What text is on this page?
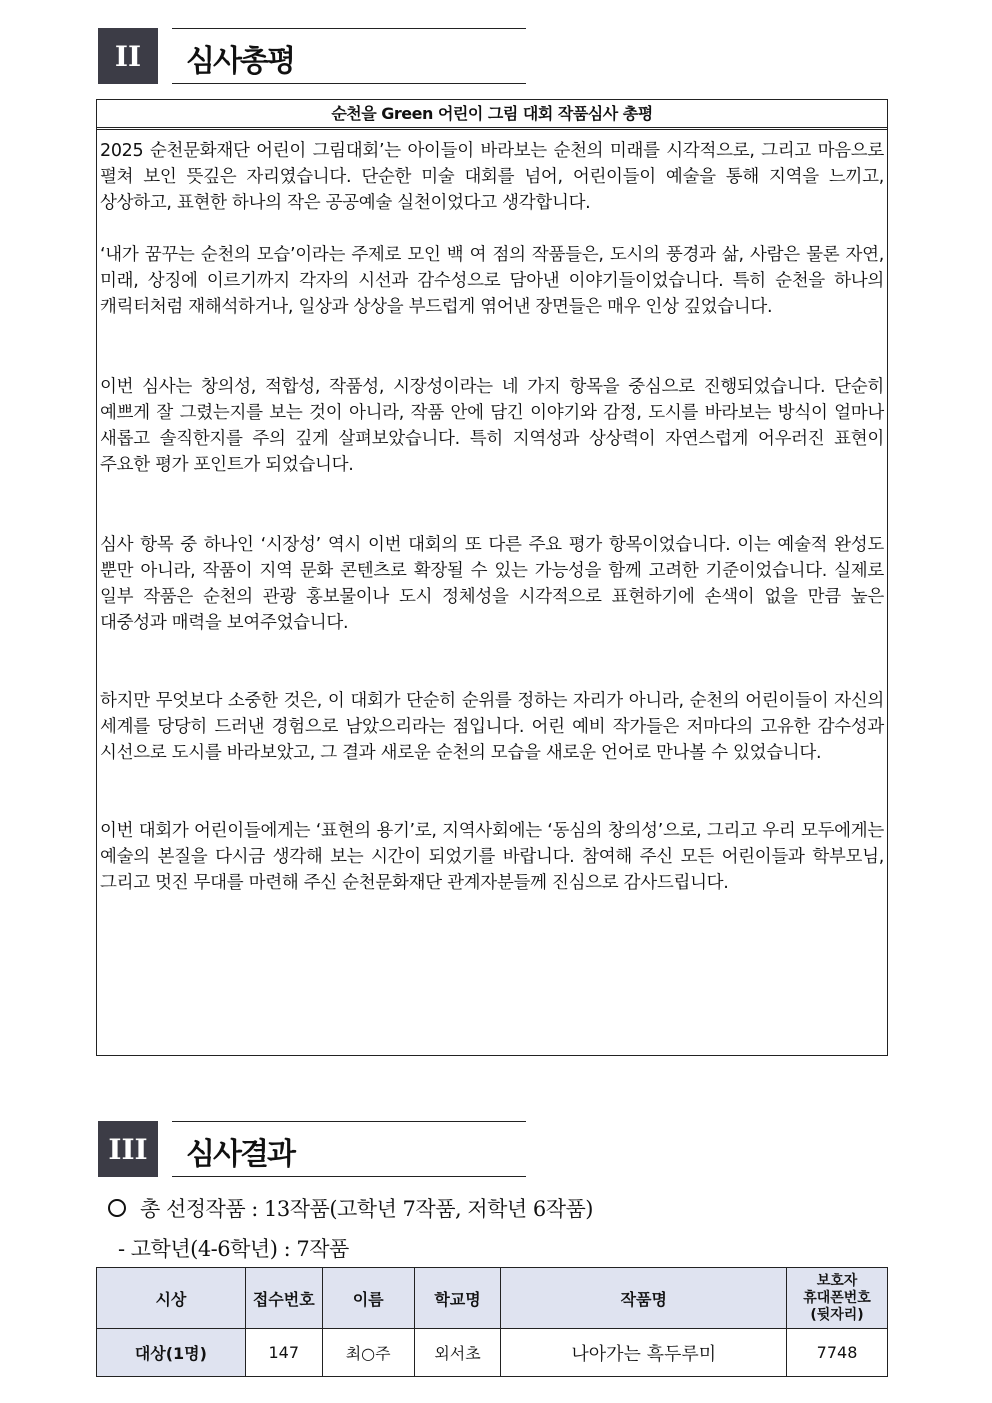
II	심사총평
순천을 Green 어린이 그림 대회 작품심사 총평

2025 순천문화재단 어린이 그림대회’는 아이들이 바라보는 순천의 미래를 시각적으로, 그리고 마음으로 펼쳐 보인 뜻깊은 자리였습니다. 단순한 미술 대회를 넘어, 어린이들이 예술을 통해 지역을 느끼고, 상상하고, 표현한 하나의 작은 공공예술 실천이었다고 생각합니다.

‘내가 꿈꾸는 순천의 모습’이라는 주제로 모인 백 여 점의 작품들은, 도시의 풍경과 삶, 사람은 물론 자연, 미래, 상징에 이르기까지 각자의 시선과 감수성으로 담아낸 이야기들이었습니다. 특히 순천을 하나의 캐릭터처럼 재해석하거나, 일상과 상상을 부드럽게 엮어낸 장면들은 매우 인상 깊었습니다.

이번 심사는 창의성, 적합성, 작품성, 시장성이라는 네 가지 항목을 중심으로 진행되었습니다. 단순히 예쁘게 잘 그렸는지를 보는 것이 아니라, 작품 안에 담긴 이야기와 감정, 도시를 바라보는 방식이 얼마나 새롭고 솔직한지를 주의 깊게 살펴보았습니다. 특히 지역성과 상상력이 자연스럽게 어우러진 표현이 주요한 평가 포인트가 되었습니다.

심사 항목 중 하나인 ‘시장성’ 역시 이번 대회의 또 다른 주요 평가 항목이었습니다. 이는 예술적 완성도 뿐만 아니라, 작품이 지역 문화 콘텐츠로 확장될 수 있는 가능성을 함께 고려한 기준이었습니다. 실제로 일부 작품은 순천의 관광 홍보물이나 도시 정체성을 시각적으로 표현하기에 손색이 없을 만큼 높은 대중성과 매력을 보여주었습니다.

하지만 무엇보다 소중한 것은, 이 대회가 단순히 순위를 정하는 자리가 아니라, 순천의 어린이들이 자신의 세계를 당당히 드러낸 경험으로 남았으리라는 점입니다. 어린 예비 작가들은 저마다의 고유한 감수성과 시선으로 도시를 바라보았고, 그 결과 새로운 순천의 모습을 새로운 언어로 만나볼 수 있었습니다.

이번 대회가 어린이들에게는 ‘표현의 용기’로, 지역사회에는 ‘동심의 창의성’으로, 그리고 우리 모두에게는 예술의 본질을 다시금 생각해 보는 시간이 되었기를 바랍니다. 참여해 주신 모든 어린이들과 학부모님, 그리고 멋진 무대를 마련해 주신 순천문화재단 관계자분들께 진심으로 감사드립니다.

III	심사결과
총 선정작품 : 13작품(고학년 7작품, 저학년 6작품)
- 고학년(4-6학년) : 7작품
시상	접수번호	이름	학교명	작품명	보호자
휴대폰번호
(뒷자리)

대상(1명)	147	최○주	외서초	나아가는 흑두루미	7748
